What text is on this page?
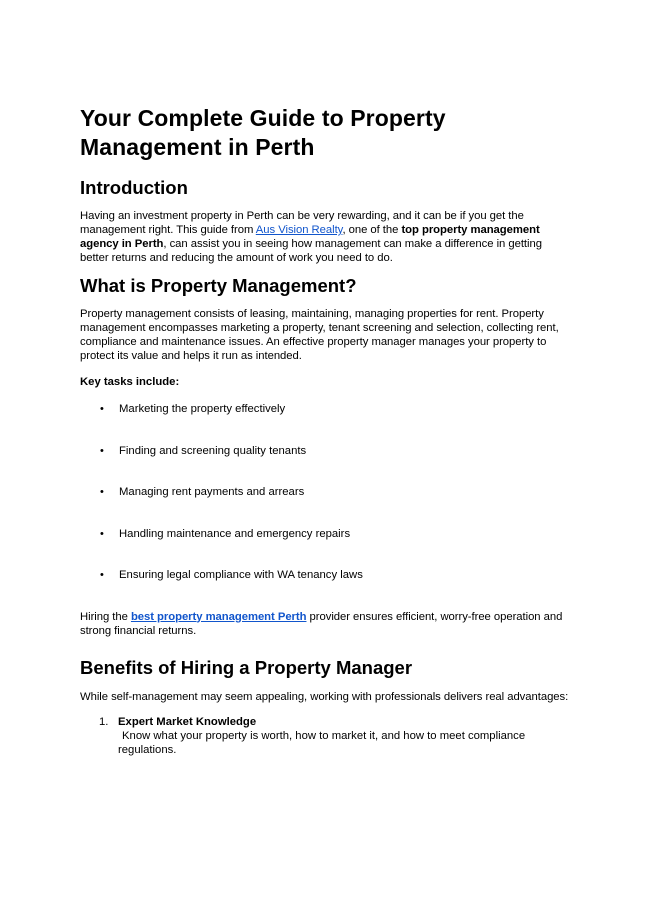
Your Complete Guide to Property Management in Perth
Introduction

Having an investment property in Perth can be very rewarding, and it can be if you get the management right. This guide from Aus Vision Realty, one of the top property management agency in Perth, can assist you in seeing how management can make a difference in getting better returns and reducing the amount of work you need to do.

What is Property Management?

Property management consists of leasing, maintaining, managing properties for rent. Property management encompasses marketing a property, tenant screening and selection, collecting rent, compliance and maintenance issues. An effective property manager manages your property to protect its value and helps it run as intended.

Key tasks include:
• Marketing the property effectively
• Finding and screening quality tenants
• Managing rent payments and arrears
• Handling maintenance and emergency repairs
• Ensuring legal compliance with WA tenancy laws

Hiring the best property management Perth provider ensures efficient, worry-free operation and strong financial returns.

Benefits of Hiring a Property Manager

While self-management may seem appealing, working with professionals delivers real advantages:

1. Expert Market Knowledge
Know what your property is worth, how to market it, and how to meet compliance regulations.
